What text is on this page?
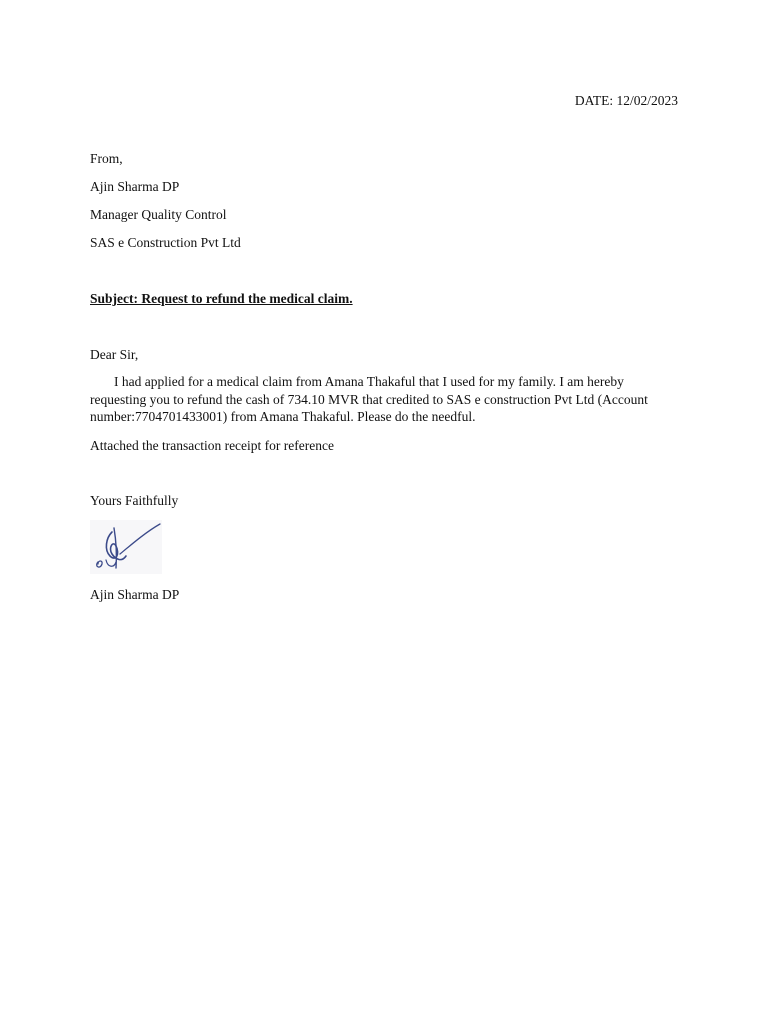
DATE: 12/02/2023
From,
Ajin Sharma DP
Manager Quality Control
SAS e Construction Pvt Ltd
Subject: Request to refund the medical claim.
Dear Sir,
I had applied for a medical claim from Amana Thakaful that I used for my family. I am hereby requesting you to refund the cash of 734.10 MVR that credited to SAS e construction Pvt Ltd (Account number:7704701433001) from Amana Thakaful. Please do the needful.
Attached the transaction receipt for reference
Yours Faithfully
Ajin Sharma DP
